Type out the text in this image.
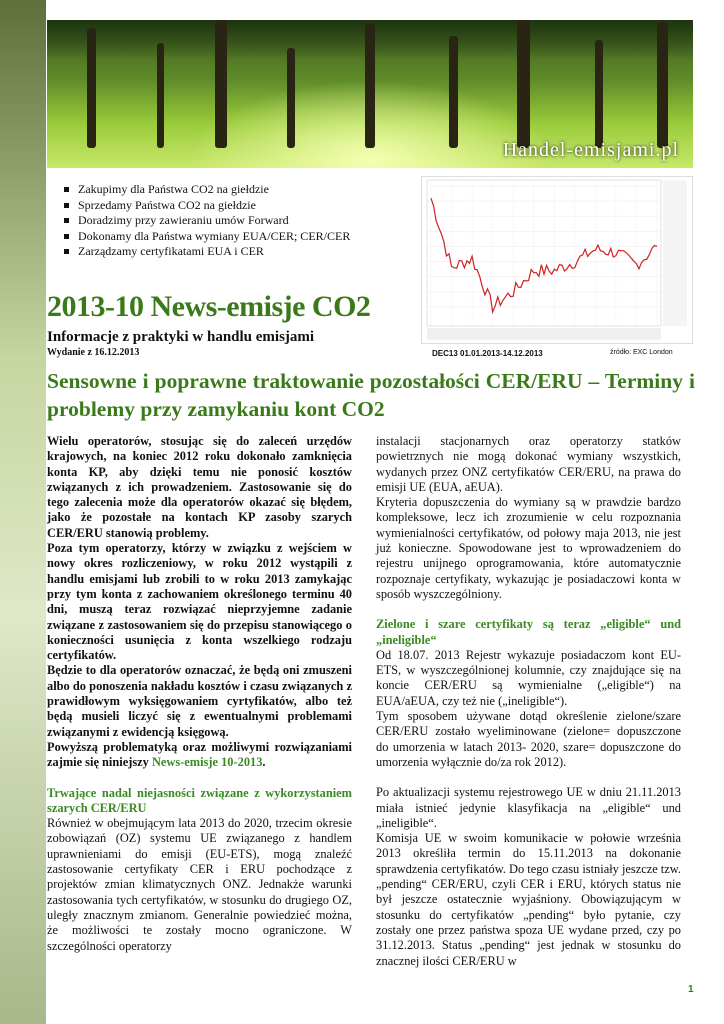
Handel-emisjami.pl
Zakupimy dla Państwa CO2 na giełdzie
Sprzedamy Państwa CO2 na giełdzie
Doradzimy przy zawieraniu umów Forward
Dokonamy dla Państwa wymiany EUA/CER; CER/CER
Zarządzamy certyfikatami EUA i CER
DEC13 01.01.2013-14.12.2013	źródło: EXC London
2013-10 News-emisje CO2
Informacje z praktyki w handlu emisjami
Wydanie z 16.12.2013
Sensowne i poprawne traktowanie pozostałości CER/ERU – Terminy i problemy przy zamykaniu kont CO2

Wielu operatorów, stosując się do zaleceń urzędów krajowych, na koniec 2012 roku dokonało zamknięcia konta KP, aby dzięki temu nie ponosić kosztów związanych z ich prowadzeniem. Zastosowanie się do tego zalecenia może dla operatorów okazać się błędem, jako że pozostałe na kontach KP zasoby szarych CER/ERU stanowią problemy.

Poza tym operatorzy, którzy w związku z wejściem w nowy okres rozliczeniowy, w roku 2012 wystąpili z handlu emisjami lub zrobili to w roku 2013 zamykając przy tym konta z zachowaniem określonego terminu 40 dni, muszą teraz rozwiązać nieprzyjemne zadanie związane z zastosowaniem się do przepisu stanowiącego o konieczności usunięcia z konta wszelkiego rodzaju certyfikatów.

Będzie to dla operatorów oznaczać, że będą oni zmuszeni albo do ponoszenia nakładu kosztów i czasu związanych z prawidłowym wyksięgowaniem cyrtyfikatów, albo też będą musieli liczyć się z ewentualnymi problemami związanymi z ewidencją księgową.

Powyższą problematyką oraz możliwymi rozwiązaniami zajmie się niniejszy News-emisje 10-2013.

Trwające nadal niejasności związane z wykorzystaniem szarych CER/ERU

Również w obejmującym lata 2013 do 2020, trzecim okresie zobowiązań (OZ) systemu UE związanego z handlem uprawnieniami do emisji (EU-ETS), mogą znaleźć zastosowanie certyfikaty CER i ERU pochodzące z projektów zmian klimatycznych ONZ. Jednakże warunki zastosowania tych certyfikatów, w stosunku do drugiego OZ, uległy znacznym zmianom. Generalnie powiedzieć można, że możliwości te zostały mocno ograniczone. W szczególności operatorzy

instalacji stacjonarnych oraz operatorzy statków powietrznych nie mogą dokonać wymiany wszystkich, wydanych przez ONZ certyfikatów CER/ERU, na prawa do emisji UE (EUA, aEUA).

Kryteria dopuszczenia do wymiany są w prawdzie bardzo kompleksowe, lecz ich zrozumienie w celu rozpoznania wymienialności certyfikatów, od połowy maja 2013, nie jest już konieczne. Spowodowane jest to wprowadzeniem do rejestru unijnego oprogramowania, które automatycznie rozpoznaje certyfikaty, wykazując je posiadaczowi konta w sposób wyszczególniony.

Zielone i szare certyfikaty są teraz „eligible“ und „ineligible“

Od 18.07. 2013 Rejestr wykazuje posiadaczom kont EU-ETS, w wyszczególnionej kolumnie, czy znajdujące się na koncie CER/ERU są wymienialne („eligible“) na EUA/aEUA, czy też nie („ineligible“).

Tym sposobem używane dotąd określenie zielone/szare CER/ERU zostało wyeliminowane (zielone= dopuszczone do umorzenia w latach 2013- 2020, szare= dopuszczone do umorzenia wyłącznie do/za rok 2012).

Po aktualizacji systemu rejestrowego UE w dniu 21.11.2013 miała istnieć jedynie klasyfikacja na „eligible“ und „ineligible“.

Komisja UE w swoim komunikacie w połowie września 2013 określiła termin do 15.11.2013 na dokonanie sprawdzenia certyfikatów. Do tego czasu istniały jeszcze tzw. „pending“ CER/ERU, czyli CER i ERU, których status nie był jeszcze ostatecznie wyjaśniony. Obowiązującym w stosunku do certyfikatów „pending“ było pytanie, czy zostały one przez państwa spoza UE wydane przed, czy po 31.12.2013. Status „pending“ jest jednak w stosunku do znacznej ilości CER/ERU w

1
